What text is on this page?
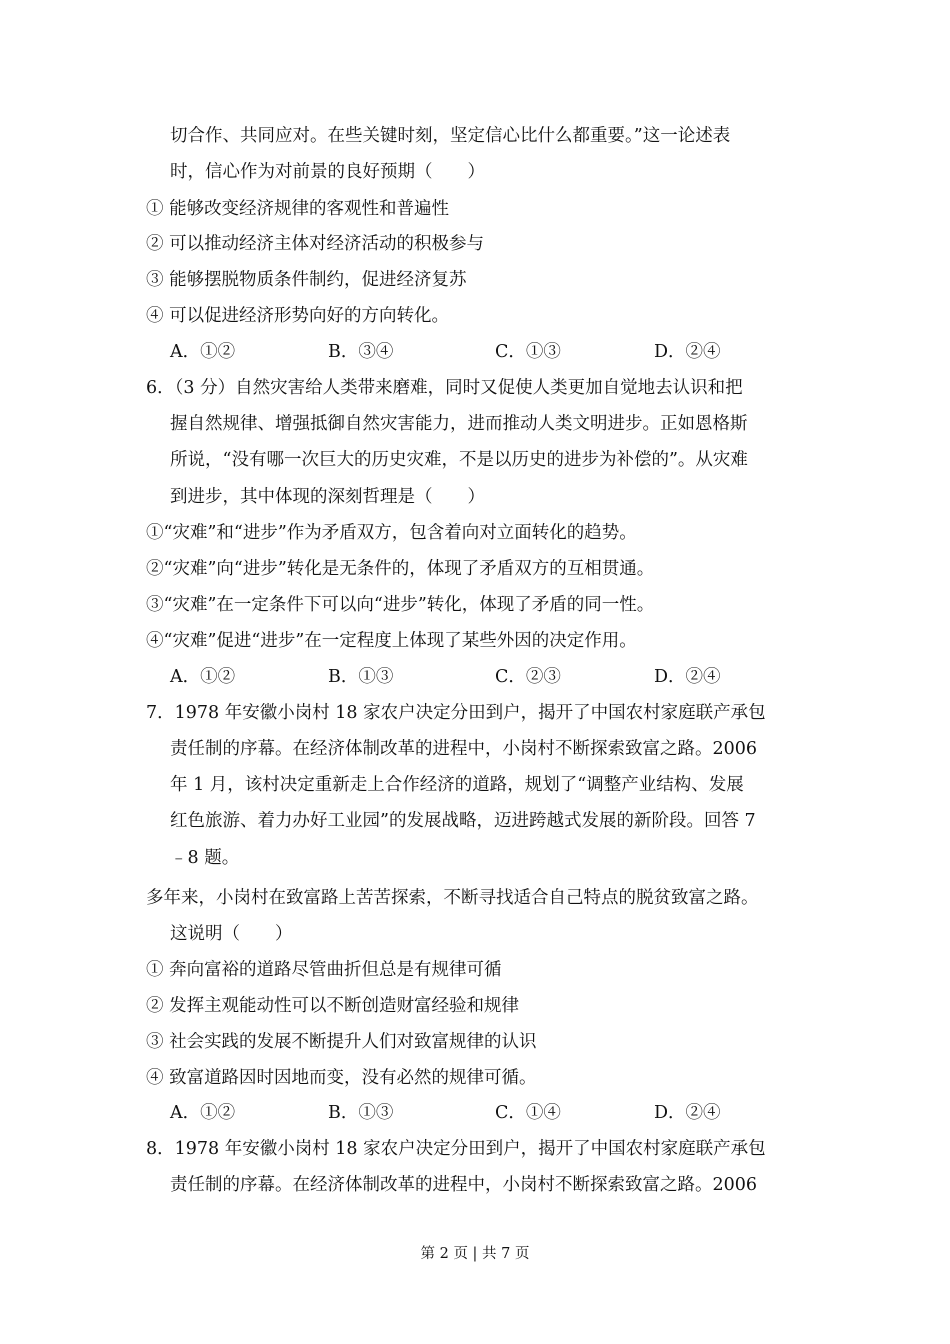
切合作、共同应对。在些关键时刻，坚定信心比什么都重要。”这一论述表
时，信心作为对前景的良好预期（　　）
① 能够改变经济规律的客观性和普遍性
② 可以推动经济主体对经济活动的积极参与
③ 能够摆脱物质条件制约，促进经济复苏
④ 可以促进经济形势向好的方向转化。
A．①②	B．③④	C．①③	D．②④
6．（3 分）自然灾害给人类带来磨难，同时又促使人类更加自觉地去认识和把
握自然规律、增强抵御自然灾害能力，进而推动人类文明进步。正如恩格斯
所说，“没有哪一次巨大的历史灾难，不是以历史的进步为补偿的”。从灾难
到进步，其中体现的深刻哲理是（　　）
①“灾难”和“进步”作为矛盾双方，包含着向对立面转化的趋势。
②“灾难”向“进步”转化是无条件的，体现了矛盾双方的互相贯通。
③“灾难”在一定条件下可以向“进步”转化，体现了矛盾的同一性。
④“灾难”促进“进步”在一定程度上体现了某些外因的决定作用。
A．①②	B．①③	C．②③	D．②④
7．1978 年安徽小岗村 18 家农户决定分田到户，揭开了中国农村家庭联产承包
责任制的序幕。在经济体制改革的进程中，小岗村不断探索致富之路。2006
年 1 月，该村决定重新走上合作经济的道路，规划了“调整产业结构、发展
红色旅游、着力办好工业园”的发展战略，迈进跨越式发展的新阶段。回答 7
﹣8 题。
多年来，小岗村在致富路上苦苦探索，不断寻找适合自己特点的脱贫致富之路。
这说明（　　）
① 奔向富裕的道路尽管曲折但总是有规律可循
② 发挥主观能动性可以不断创造财富经验和规律
③ 社会实践的发展不断提升人们对致富规律的认识
④ 致富道路因时因地而变，没有必然的规律可循。
A．①②	B．①③	C．①④	D．②④
8．1978 年安徽小岗村 18 家农户决定分田到户，揭开了中国农村家庭联产承包
责任制的序幕。在经济体制改革的进程中，小岗村不断探索致富之路。2006
第 2 页 | 共 7 页
